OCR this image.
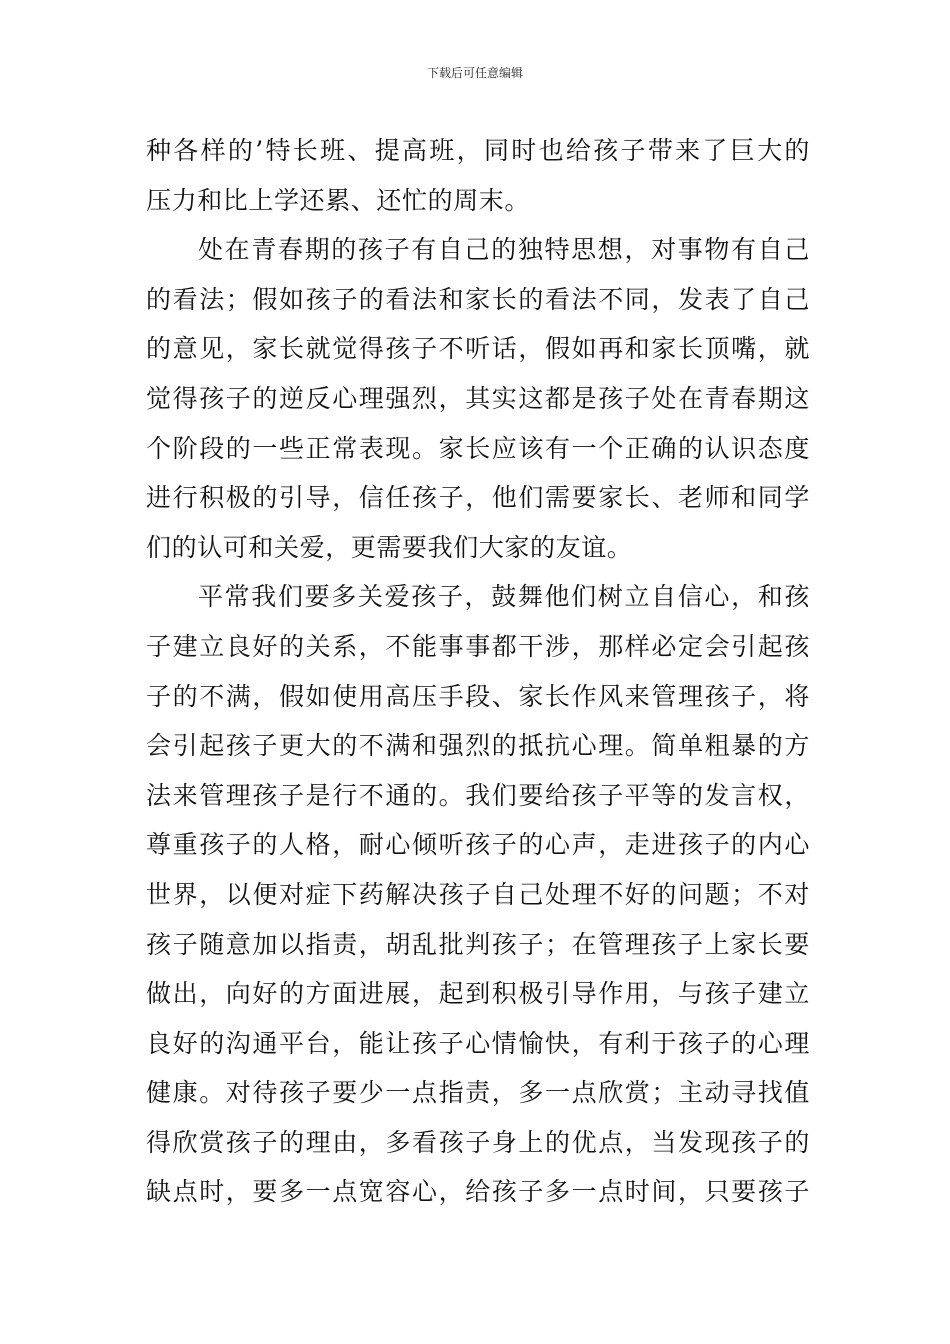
下载后可任意编辑
种各样的’特长班、提高班，同时也给孩子带来了巨大的
压力和比上学还累、还忙的周末。
处在青春期的孩子有自己的独特思想，对事物有自己
的看法；假如孩子的看法和家长的看法不同，发表了自己
的意见，家长就觉得孩子不听话，假如再和家长顶嘴，就
觉得孩子的逆反心理强烈，其实这都是孩子处在青春期这
个阶段的一些正常表现。家长应该有一个正确的认识态度
进行积极的引导，信任孩子，他们需要家长、老师和同学
们的认可和关爱，更需要我们大家的友谊。
平常我们要多关爱孩子，鼓舞他们树立自信心，和孩
子建立良好的关系，不能事事都干涉，那样必定会引起孩
子的不满，假如使用高压手段、家长作风来管理孩子，将
会引起孩子更大的不满和强烈的抵抗心理。简单粗暴的方
法来管理孩子是行不通的。我们要给孩子平等的发言权，
尊重孩子的人格，耐心倾听孩子的心声，走进孩子的内心
世界，以便对症下药解决孩子自己处理不好的问题；不对
孩子随意加以指责，胡乱批判孩子；在管理孩子上家长要
做出，向好的方面进展，起到积极引导作用，与孩子建立
良好的沟通平台，能让孩子心情愉快，有利于孩子的心理
健康。对待孩子要少一点指责，多一点欣赏；主动寻找值
得欣赏孩子的理由，多看孩子身上的优点，当发现孩子的
缺点时，要多一点宽容心，给孩子多一点时间，只要孩子
